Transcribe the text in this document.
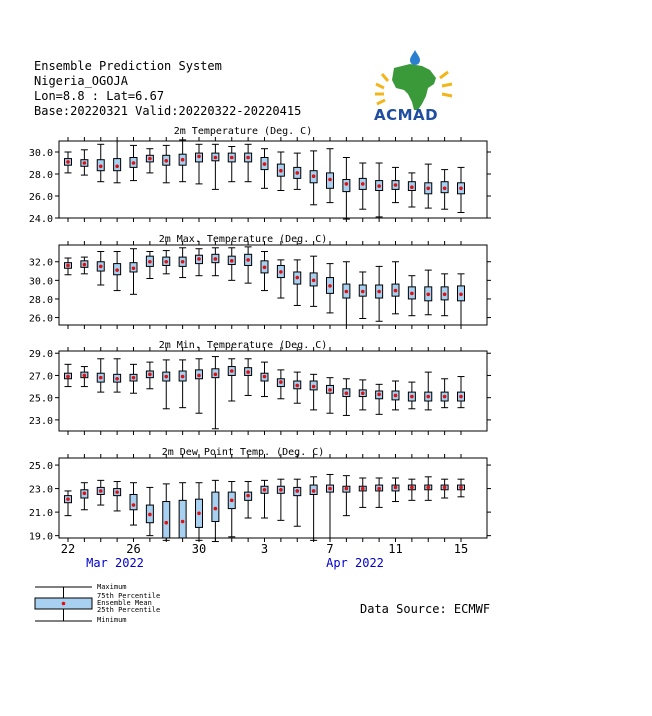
Ensemble Prediction System
Nigeria_OGOJA
Lon=8.8 : Lat=6.67
Base:20220321 Valid:20220322-20220415	ACMAD
2m Temperature (Deg. C)
30.0
28.0
26.0
24.0
2m Max. Temperature (Deg. C)
32.0
30.0
28.0
26.0
2m Min. Temperature (Deg. C)
29.0
27.0
25.0
23.0
2m Dew Point Temp. (Deg. C)
25.0
23.0
21.0
19.0
22	26	30	3	7	11	15
Mar 2022	Apr 2022
Maximum
75th Percentile
Ensemble Mean
25th Percentile
Minimum
Data Source: ECMWF
